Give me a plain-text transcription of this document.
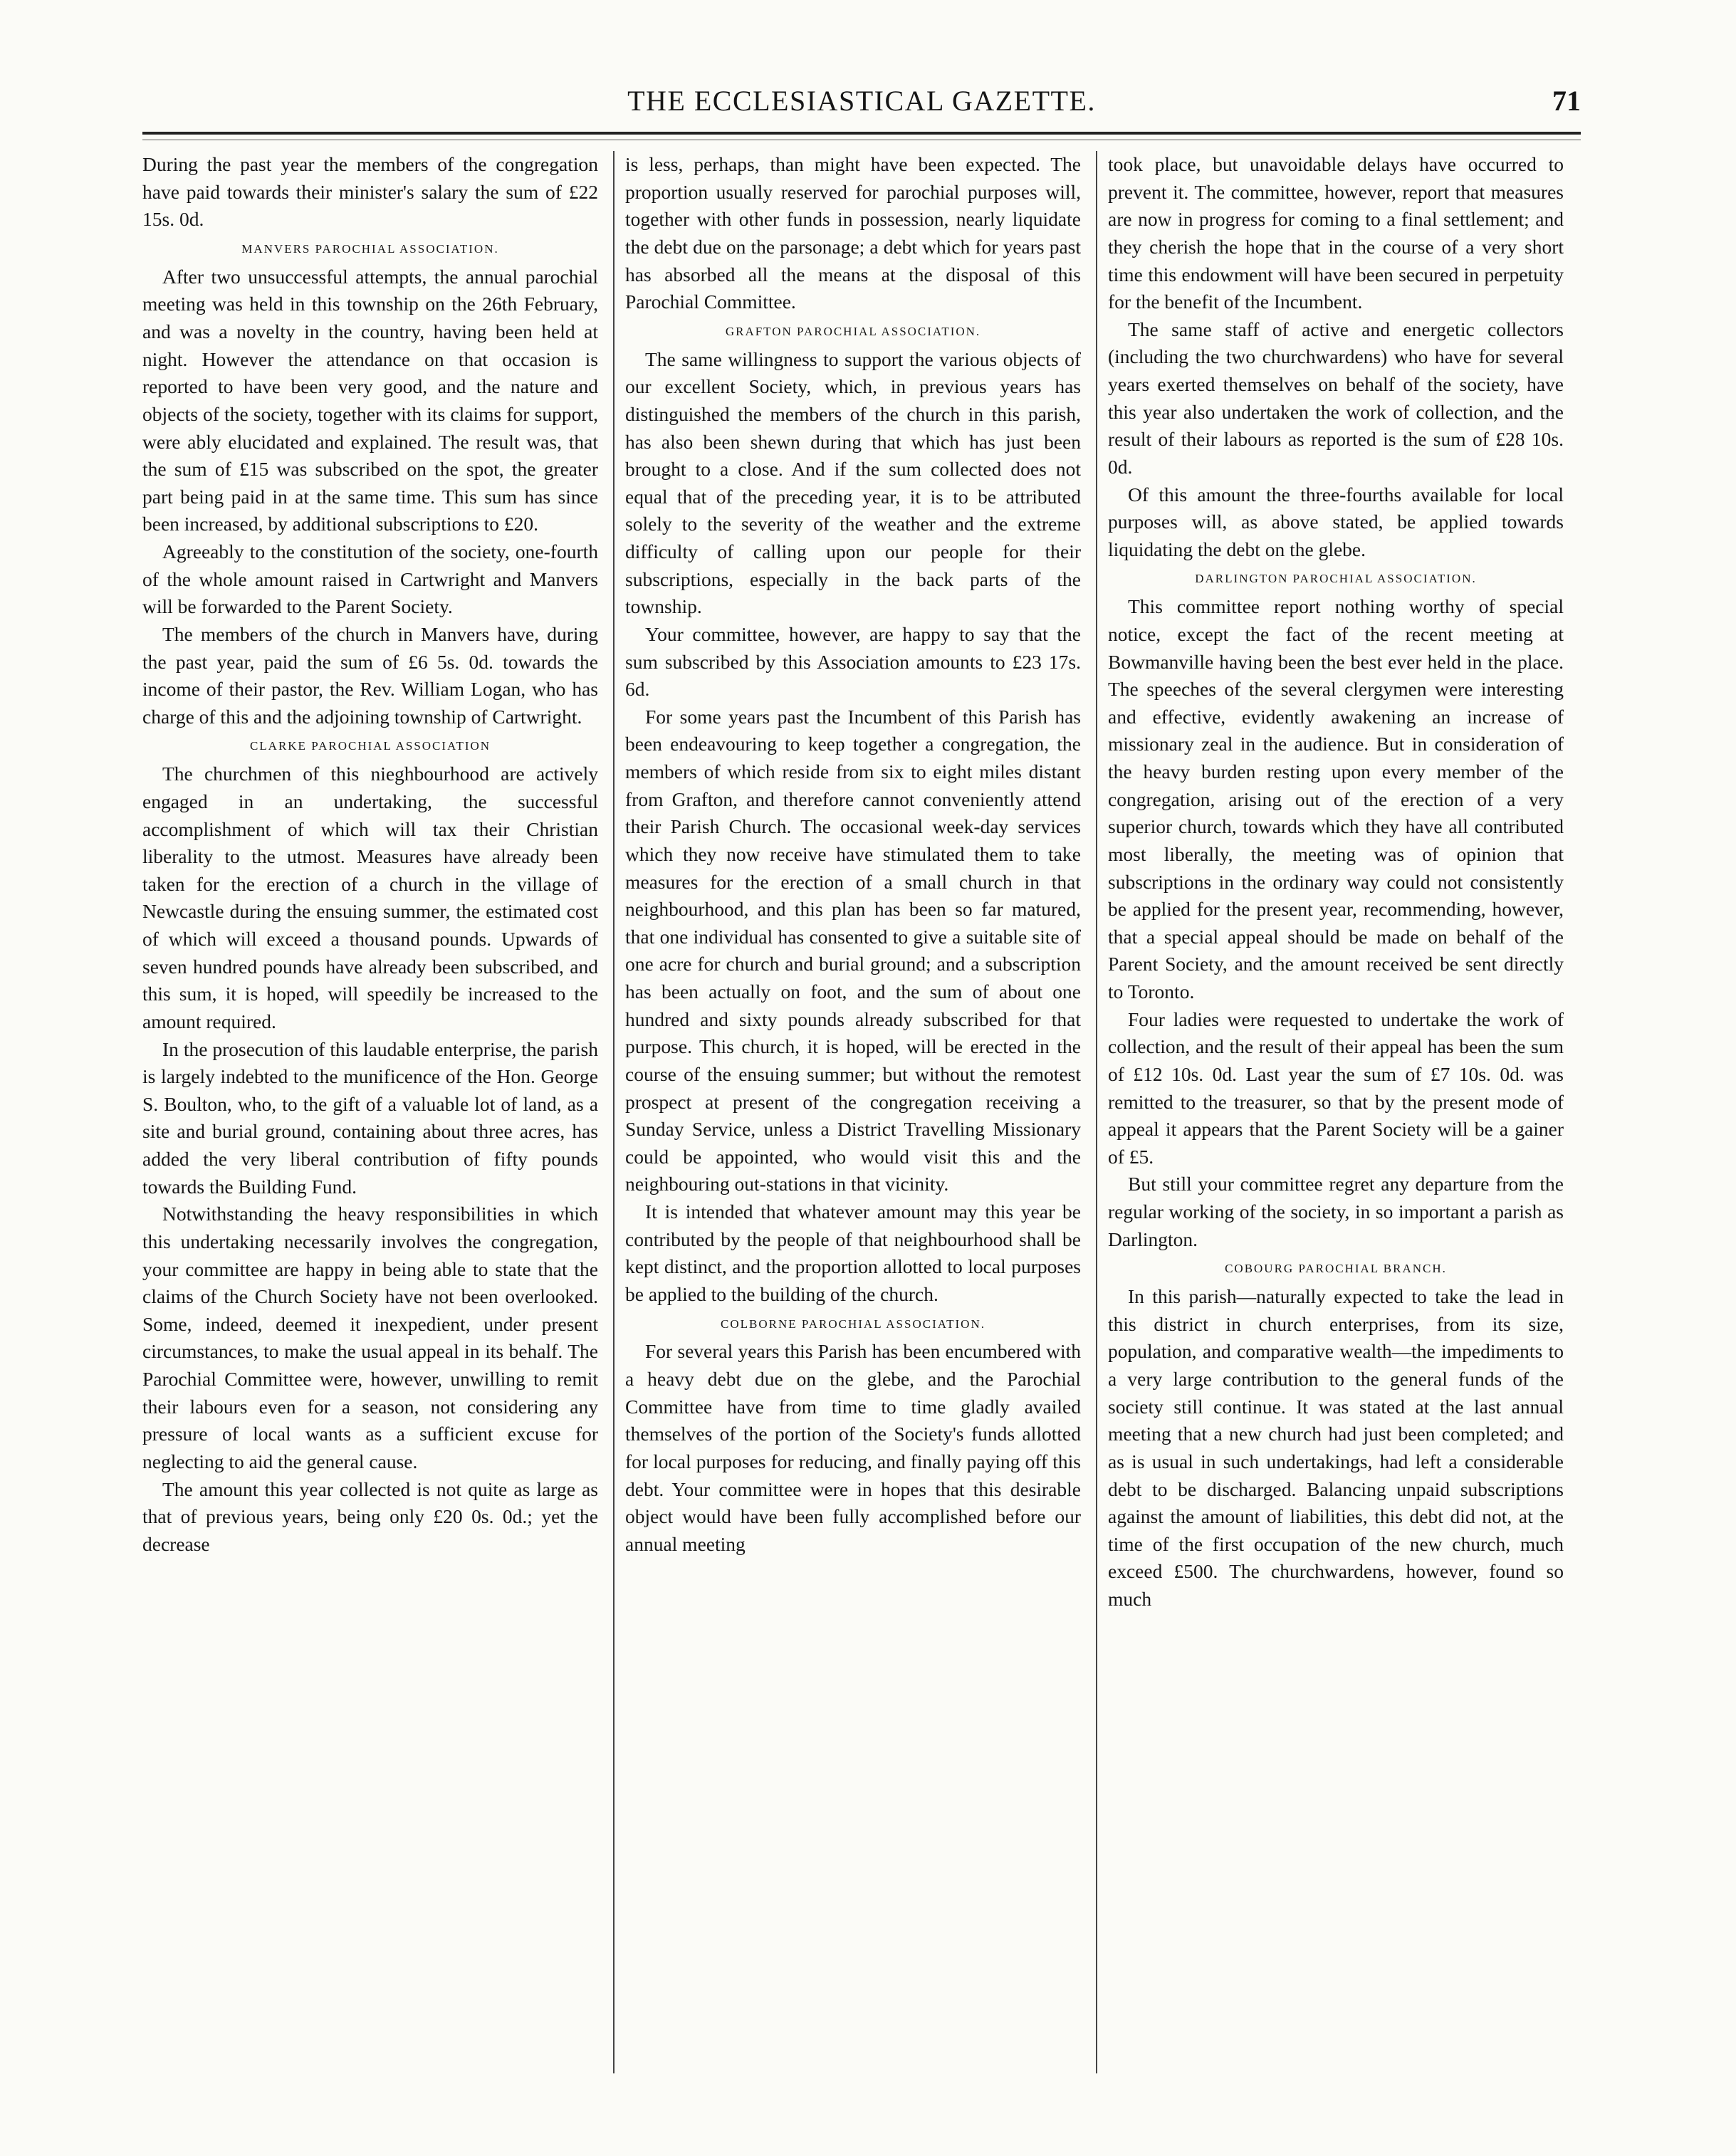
THE ECCLESIASTICAL GAZETTE.	71

During the past year the members of the congregation have paid towards their minister's salary the sum of £22 15s. 0d.

MANVERS PAROCHIAL ASSOCIATION.

After two unsuccessful attempts, the annual parochial meeting was held in this township on the 26th February, and was a novelty in the country, having been held at night. However the attendance on that occasion is reported to have been very good, and the nature and objects of the society, together with its claims for support, were ably elucidated and explained. The result was, that the sum of £15 was subscribed on the spot, the greater part being paid in at the same time. This sum has since been increased, by additional subscriptions to £20.

Agreeably to the constitution of the society, one-fourth of the whole amount raised in Cartwright and Manvers will be forwarded to the Parent Society.

The members of the church in Manvers have, during the past year, paid the sum of £6 5s. 0d. towards the income of their pastor, the Rev. William Logan, who has charge of this and the adjoining township of Cartwright.

CLARKE PAROCHIAL ASSOCIATION

The churchmen of this nieghbourhood are actively engaged in an undertaking, the successful accomplishment of which will tax their Christian liberality to the utmost. Measures have already been taken for the erection of a church in the village of Newcastle during the ensuing summer, the estimated cost of which will exceed a thousand pounds. Upwards of seven hundred pounds have already been subscribed, and this sum, it is hoped, will speedily be increased to the amount required.

In the prosecution of this laudable enterprise, the parish is largely indebted to the munificence of the Hon. George S. Boulton, who, to the gift of a valuable lot of land, as a site and burial ground, containing about three acres, has added the very liberal contribution of fifty pounds towards the Building Fund.

Notwithstanding the heavy responsibilities in which this undertaking necessarily involves the congregation, your committee are happy in being able to state that the claims of the Church Society have not been overlooked. Some, indeed, deemed it inexpedient, under present circumstances, to make the usual appeal in its behalf. The Parochial Committee were, however, unwilling to remit their labours even for a season, not considering any pressure of local wants as a sufficient excuse for neglecting to aid the general cause.

The amount this year collected is not quite as large as that of previous years, being only £20 0s. 0d.; yet the decrease

is less, perhaps, than might have been expected. The proportion usually reserved for parochial purposes will, together with other funds in possession, nearly liquidate the debt due on the parsonage; a debt which for years past has absorbed all the means at the disposal of this Parochial Committee.

GRAFTON PAROCHIAL ASSOCIATION.

The same willingness to support the various objects of our excellent Society, which, in previous years has distinguished the members of the church in this parish, has also been shewn during that which has just been brought to a close. And if the sum collected does not equal that of the preceding year, it is to be attributed solely to the severity of the weather and the extreme difficulty of calling upon our people for their subscriptions, especially in the back parts of the township.

Your committee, however, are happy to say that the sum subscribed by this Association amounts to £23 17s. 6d.

For some years past the Incumbent of this Parish has been endeavouring to keep together a congregation, the members of which reside from six to eight miles distant from Grafton, and therefore cannot conveniently attend their Parish Church. The occasional week-day services which they now receive have stimulated them to take measures for the erection of a small church in that neighbourhood, and this plan has been so far matured, that one individual has consented to give a suitable site of one acre for church and burial ground; and a subscription has been actually on foot, and the sum of about one hundred and sixty pounds already subscribed for that purpose. This church, it is hoped, will be erected in the course of the ensuing summer; but without the remotest prospect at present of the congregation receiving a Sunday Service, unless a District Travelling Missionary could be appointed, who would visit this and the neighbouring out-stations in that vicinity.

It is intended that whatever amount may this year be contributed by the people of that neighbourhood shall be kept distinct, and the proportion allotted to local purposes be applied to the building of the church.

COLBORNE PAROCHIAL ASSOCIATION.

For several years this Parish has been encumbered with a heavy debt due on the glebe, and the Parochial Committee have from time to time gladly availed themselves of the portion of the Society's funds allotted for local purposes for reducing, and finally paying off this debt. Your committee were in hopes that this desirable object would have been fully accomplished before our annual meeting

took place, but unavoidable delays have occurred to prevent it. The committee, however, report that measures are now in progress for coming to a final settlement; and they cherish the hope that in the course of a very short time this endowment will have been secured in perpetuity for the benefit of the Incumbent.

The same staff of active and energetic collectors (including the two churchwardens) who have for several years exerted themselves on behalf of the society, have this year also undertaken the work of collection, and the result of their labours as reported is the sum of £28 10s. 0d.

Of this amount the three-fourths available for local purposes will, as above stated, be applied towards liquidating the debt on the glebe.

DARLINGTON PAROCHIAL ASSOCIATION.

This committee report nothing worthy of special notice, except the fact of the recent meeting at Bowmanville having been the best ever held in the place. The speeches of the several clergymen were interesting and effective, evidently awakening an increase of missionary zeal in the audience. But in consideration of the heavy burden resting upon every member of the congregation, arising out of the erection of a very superior church, towards which they have all contributed most liberally, the meeting was of opinion that subscriptions in the ordinary way could not consistently be applied for the present year, recommending, however, that a special appeal should be made on behalf of the Parent Society, and the amount received be sent directly to Toronto.

Four ladies were requested to undertake the work of collection, and the result of their appeal has been the sum of £12 10s. 0d. Last year the sum of £7 10s. 0d. was remitted to the treasurer, so that by the present mode of appeal it appears that the Parent Society will be a gainer of £5.

But still your committee regret any departure from the regular working of the society, in so important a parish as Darlington.

COBOURG PAROCHIAL BRANCH.

In this parish—naturally expected to take the lead in this district in church enterprises, from its size, population, and comparative wealth—the impediments to a very large contribution to the general funds of the society still continue. It was stated at the last annual meeting that a new church had just been completed; and as is usual in such undertakings, had left a considerable debt to be discharged. Balancing unpaid subscriptions against the amount of liabilities, this debt did not, at the time of the first occupation of the new church, much exceed £500. The churchwardens, however, found so much
